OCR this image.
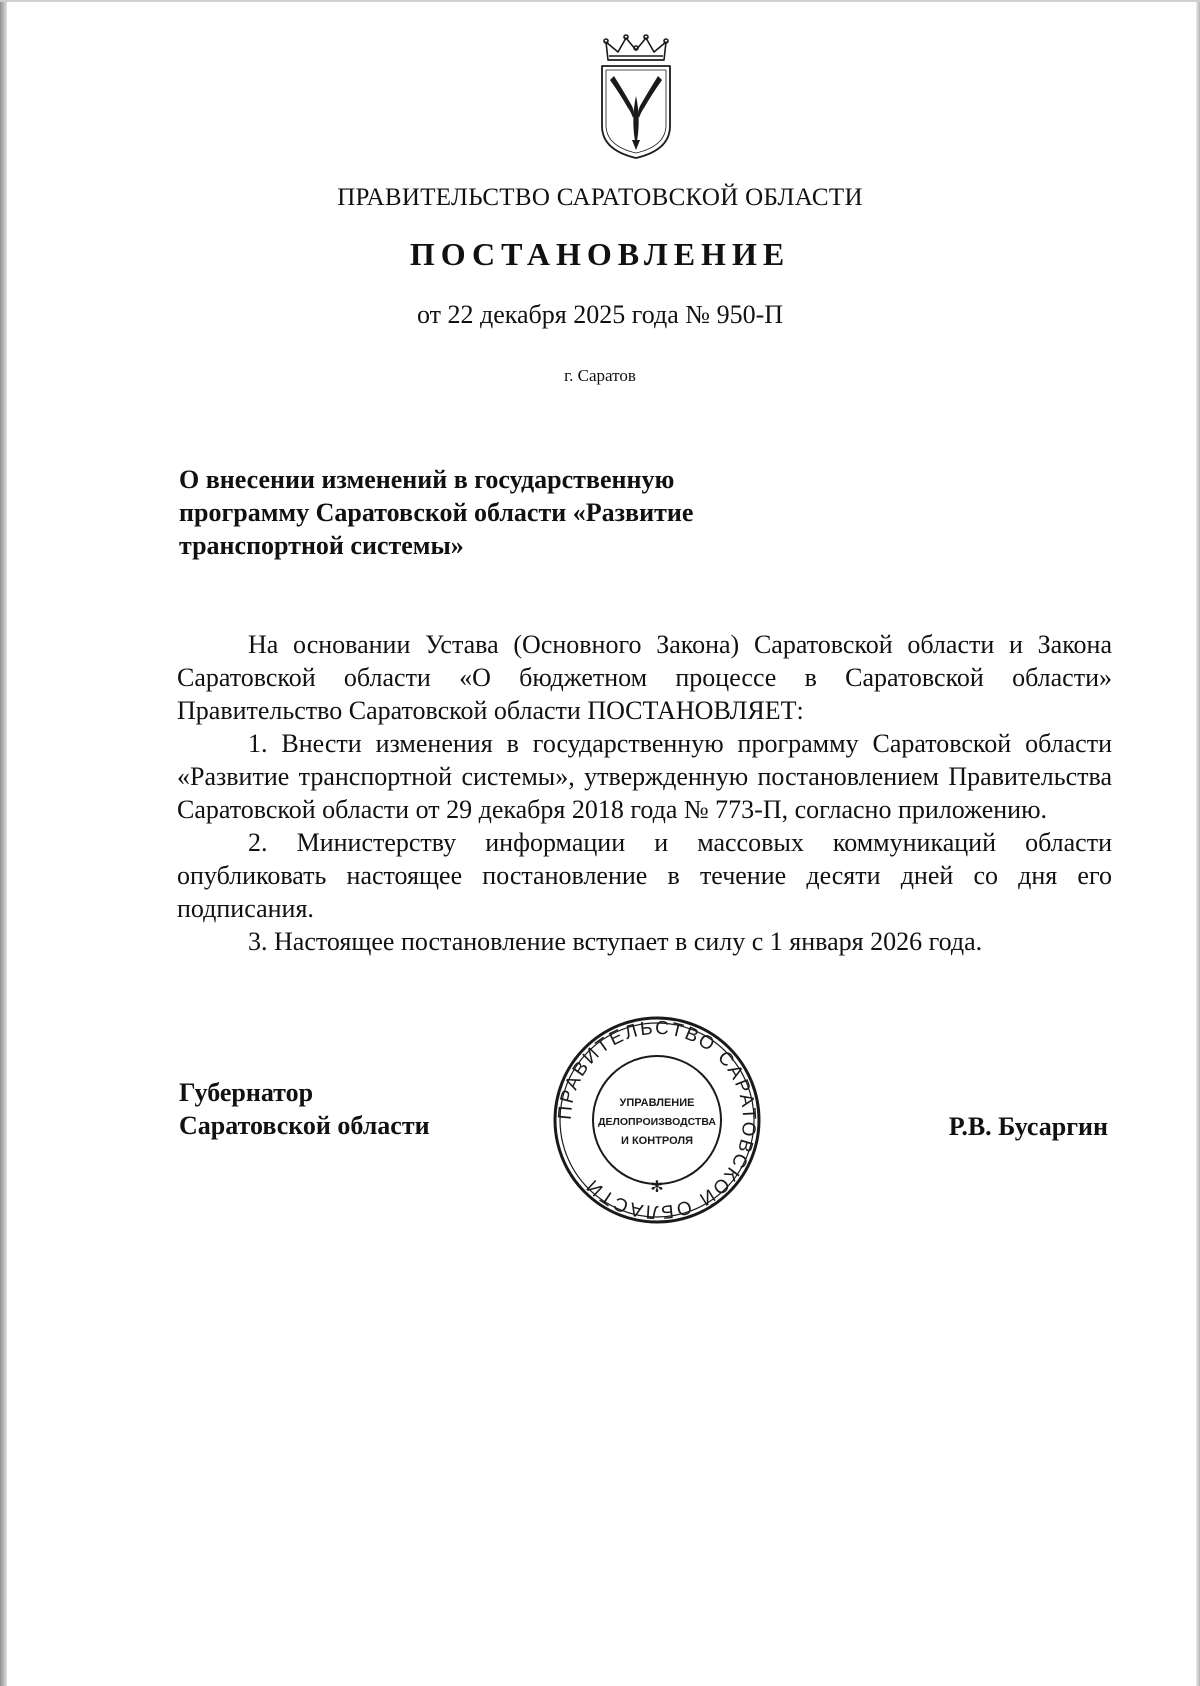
ПРАВИТЕЛЬСТВО САРАТОВСКОЙ ОБЛАСТИ
ПОСТАНОВЛЕНИЕ
от 22 декабря 2025 года № 950-П
г. Саратов
О внесении изменений в государственную
программу Саратовской области «Развитие
транспортной системы»

На основании Устава (Основного Закона) Саратовской области и Закона Саратовской области «О бюджетном процессе в Саратовской области» Правительство Саратовской области ПОСТАНОВЛЯЕТ:

1. Внести изменения в государственную программу Саратовской области «Развитие транспортной системы», утвержденную постановлением Правительства Саратовской области от 29 декабря 2018 года № 773-П, согласно приложению.

2. Министерству информации и массовых коммуникаций области опубликовать настоящее постановление в течение десяти дней со дня его подписания.

3. Настоящее постановление вступает в силу с 1 января 2026 года.

Губернатор
Саратовской области	ПРАВИТЕЛЬСТВО САРАТОВСКОЙ ОБЛАСТИ	✻
УПРАВЛЕНИЕ
ДЕЛОПРОИЗВОДСТВА
И КОНТРОЛЯ	Р.В. Бусаргин
